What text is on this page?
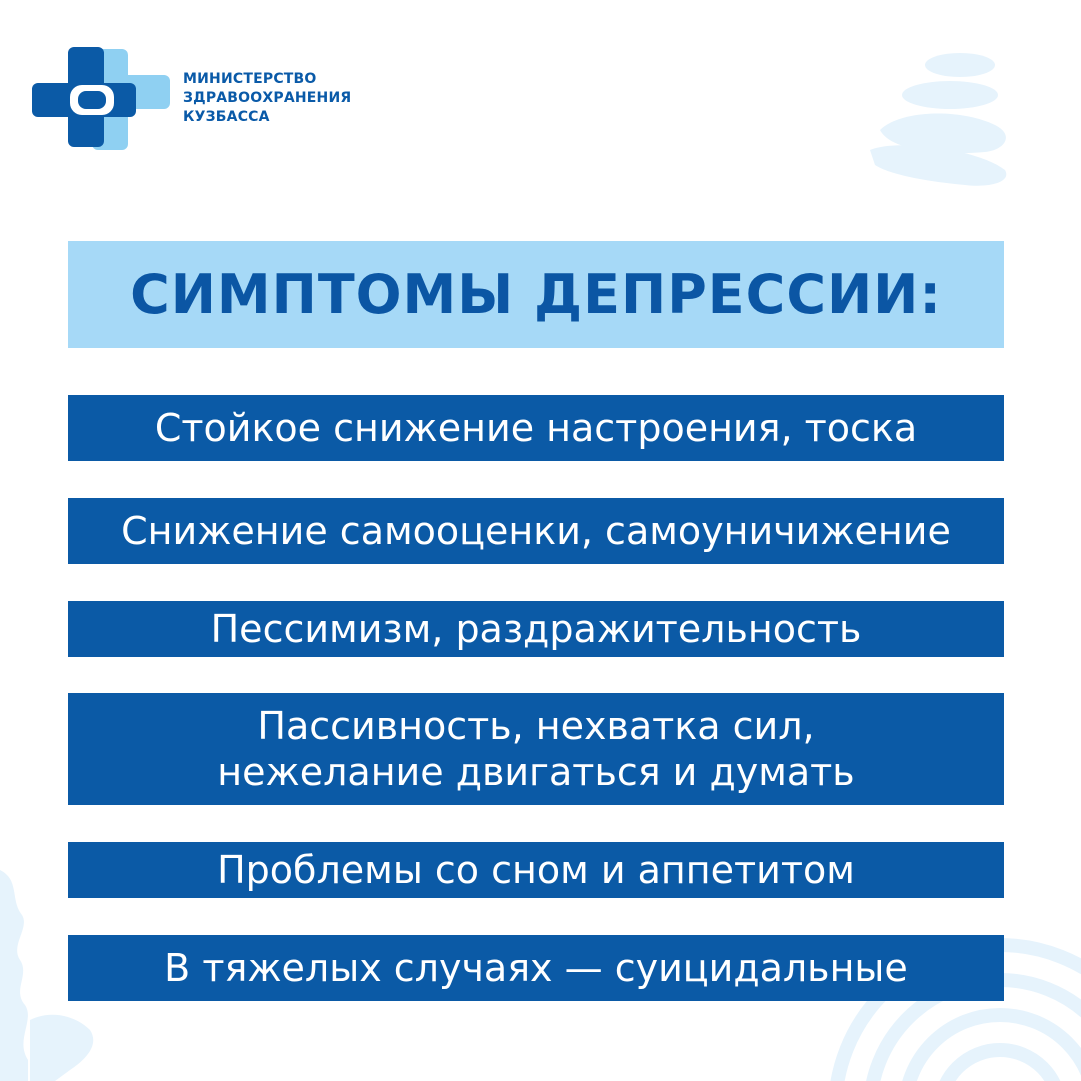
МИНИСТЕРСТВО
ЗДРАВООХРАНЕНИЯ
КУЗБАССА
СИМПТОМЫ ДЕПРЕССИИ:
Стойкое снижение настроения, тоска
Снижение самооценки, самоуничижение
Пессимизм, раздражительность
Пассивность, нехватка сил,
нежелание двигаться и думать
Проблемы со сном и аппетитом
В тяжелых случаях — суицидальные
